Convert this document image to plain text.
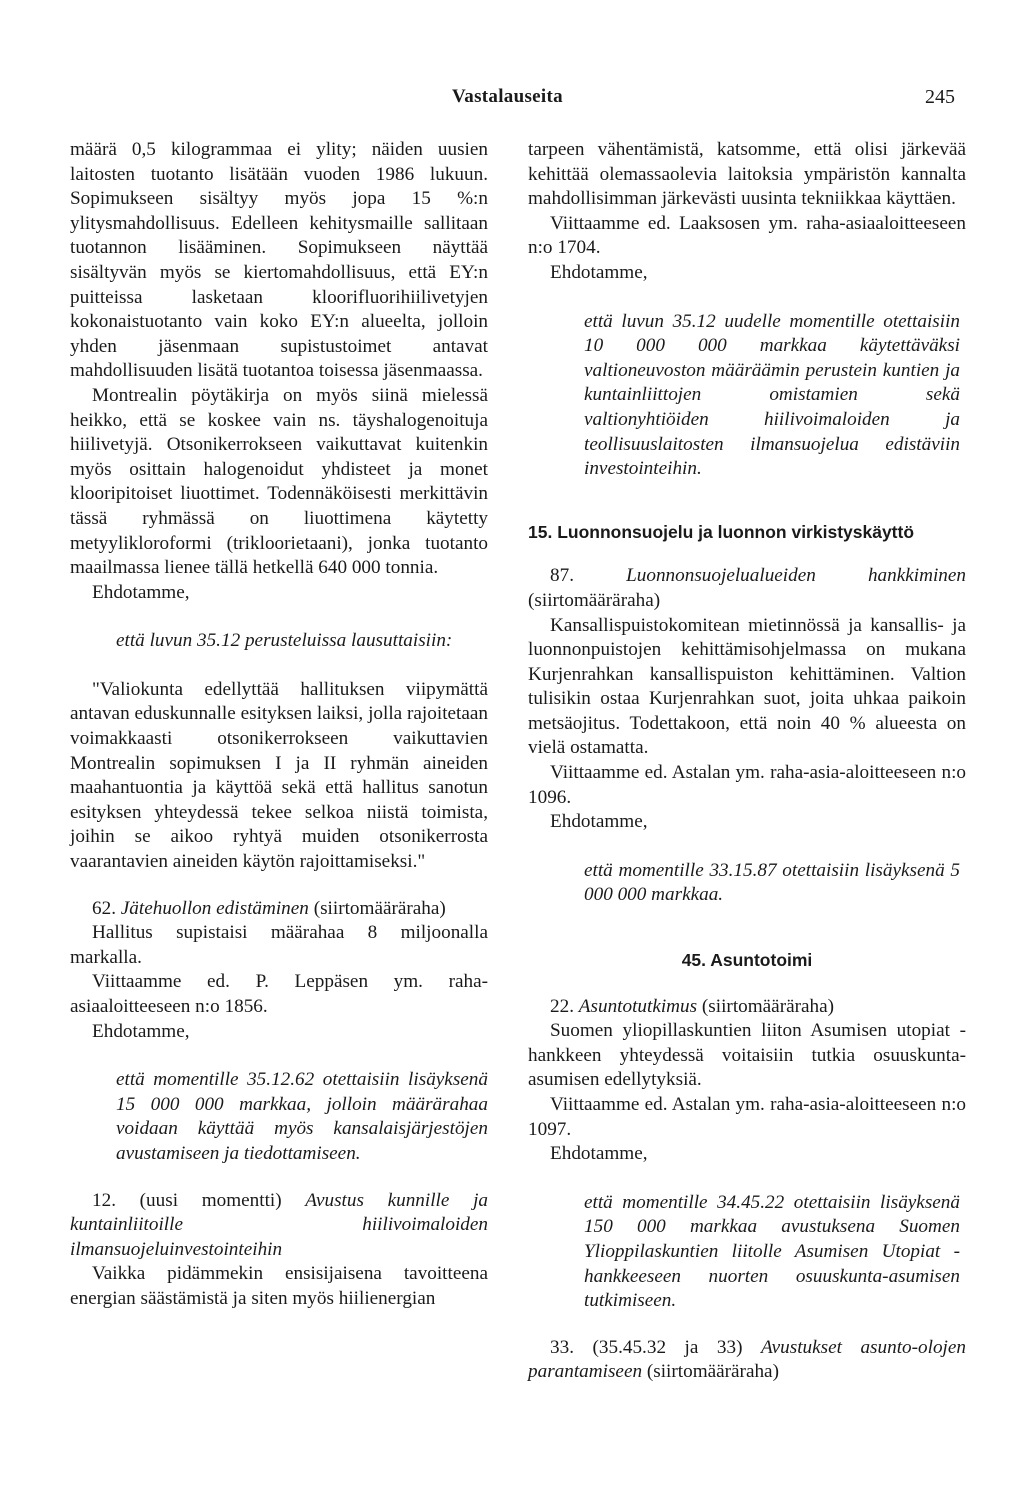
Vastalauseita	245

määrä 0,5 kilogrammaa ei ylity; näiden uusien laitosten tuotanto lisätään vuoden 1986 lukuun. Sopimukseen sisältyy myös jopa 15 %:n ylitysmahdollisuus. Edelleen kehitysmaille sallitaan tuotannon lisääminen. Sopimukseen näyttää sisältyvän myös se kiertomahdollisuus, että EY:n puitteissa lasketaan kloorifluorihiilivetyjen kokonaistuotanto vain koko EY:n alueelta, jolloin yhden jäsenmaan supistustoimet antavat mahdollisuuden lisätä tuotantoa toisessa jäsenmaassa.

Montrealin pöytäkirja on myös siinä mielessä heikko, että se koskee vain ns. täyshalogenoituja hiilivetyjä. Otsonikerrokseen vaikuttavat kuitenkin myös osittain halogenoidut yhdisteet ja monet klooripitoiset liuottimet. Todennäköisesti merkittävin tässä ryhmässä on liuottimena käytetty metyylikloroformi (trikloorietaani), jonka tuotanto maailmassa lienee tällä hetkellä 640 000 tonnia.

Ehdotamme,

että luvun 35.12 perusteluissa lausuttaisiin:

"Valiokunta edellyttää hallituksen viipymättä antavan eduskunnalle esityksen laiksi, jolla rajoitetaan voimakkaasti otsonikerrokseen vaikuttavien Montrealin sopimuksen I ja II ryhmän aineiden maahantuontia ja käyttöä sekä että hallitus sanotun esityksen yhteydessä tekee selkoa niistä toimista, joihin se aikoo ryhtyä muiden otsonikerrosta vaarantavien aineiden käytön rajoittamiseksi."

62. Jätehuollon edistäminen (siirtomääräraha)

Hallitus supistaisi määrahaa 8 miljoonalla markalla.

Viittaamme ed. P. Leppäsen ym. raha-asiaaloitteeseen n:o 1856.

Ehdotamme,

että momentille 35.12.62 otettaisiin lisäyksenä 15 000 000 markkaa, jolloin määrärahaa voidaan käyttää myös kansalaisjärjestöjen avustamiseen ja tiedottamiseen.

12. (uusi momentti) Avustus kunnille ja kuntainliitoille hiilivoimaloiden ilmansuojeluinvestointeihin

Vaikka pidämmekin ensisijaisena tavoitteena energian säästämistä ja siten myös hiilienergian

tarpeen vähentämistä, katsomme, että olisi järkevää kehittää olemassaolevia laitoksia ympäristön kannalta mahdollisimman järkevästi uusinta tekniikkaa käyttäen.

Viittaamme ed. Laaksosen ym. raha-asiaaloitteeseen n:o 1704.

Ehdotamme,

että luvun 35.12 uudelle momentille otettaisiin 10 000 000 markkaa käytettäväksi valtioneuvoston määräämin perustein kuntien ja kuntainliittojen omistamien sekä valtionyhtiöiden hiilivoimaloiden ja teollisuuslaitosten ilmansuojelua edistäviin investointeihin.

15. Luonnonsuojelu ja luonnon virkistyskäyttö

87. Luonnonsuojelualueiden hankkiminen (siirtomääräraha)

Kansallispuistokomitean mietinnössä ja kansallis- ja luonnonpuistojen kehittämisohjelmassa on mukana Kurjenrahkan kansallispuiston kehittäminen. Valtion tulisikin ostaa Kurjenrahkan suot, joita uhkaa paikoin metsäojitus. Todettakoon, että noin 40 % alueesta on vielä ostamatta.

Viittaamme ed. Astalan ym. raha-asia-aloitteeseen n:o 1096.

Ehdotamme,

että momentille 33.15.87 otettaisiin lisäyksenä 5 000 000 markkaa.

45. Asuntotoimi

22. Asuntotutkimus (siirtomääräraha)

Suomen yliopillaskuntien liiton Asumisen utopiat -hankkeen yhteydessä voitaisiin tutkia osuuskunta-asumisen edellytyksiä.

Viittaamme ed. Astalan ym. raha-asia-aloitteeseen n:o 1097.

Ehdotamme,

että momentille 34.45.22 otettaisiin lisäyksenä 150 000 markkaa avustuksena Suomen Ylioppilaskuntien liitolle Asumisen Utopiat -hankkeeseen nuorten osuuskunta-asumisen tutkimiseen.

33. (35.45.32 ja 33) Avustukset asunto-olojen parantamiseen (siirtomääräraha)
